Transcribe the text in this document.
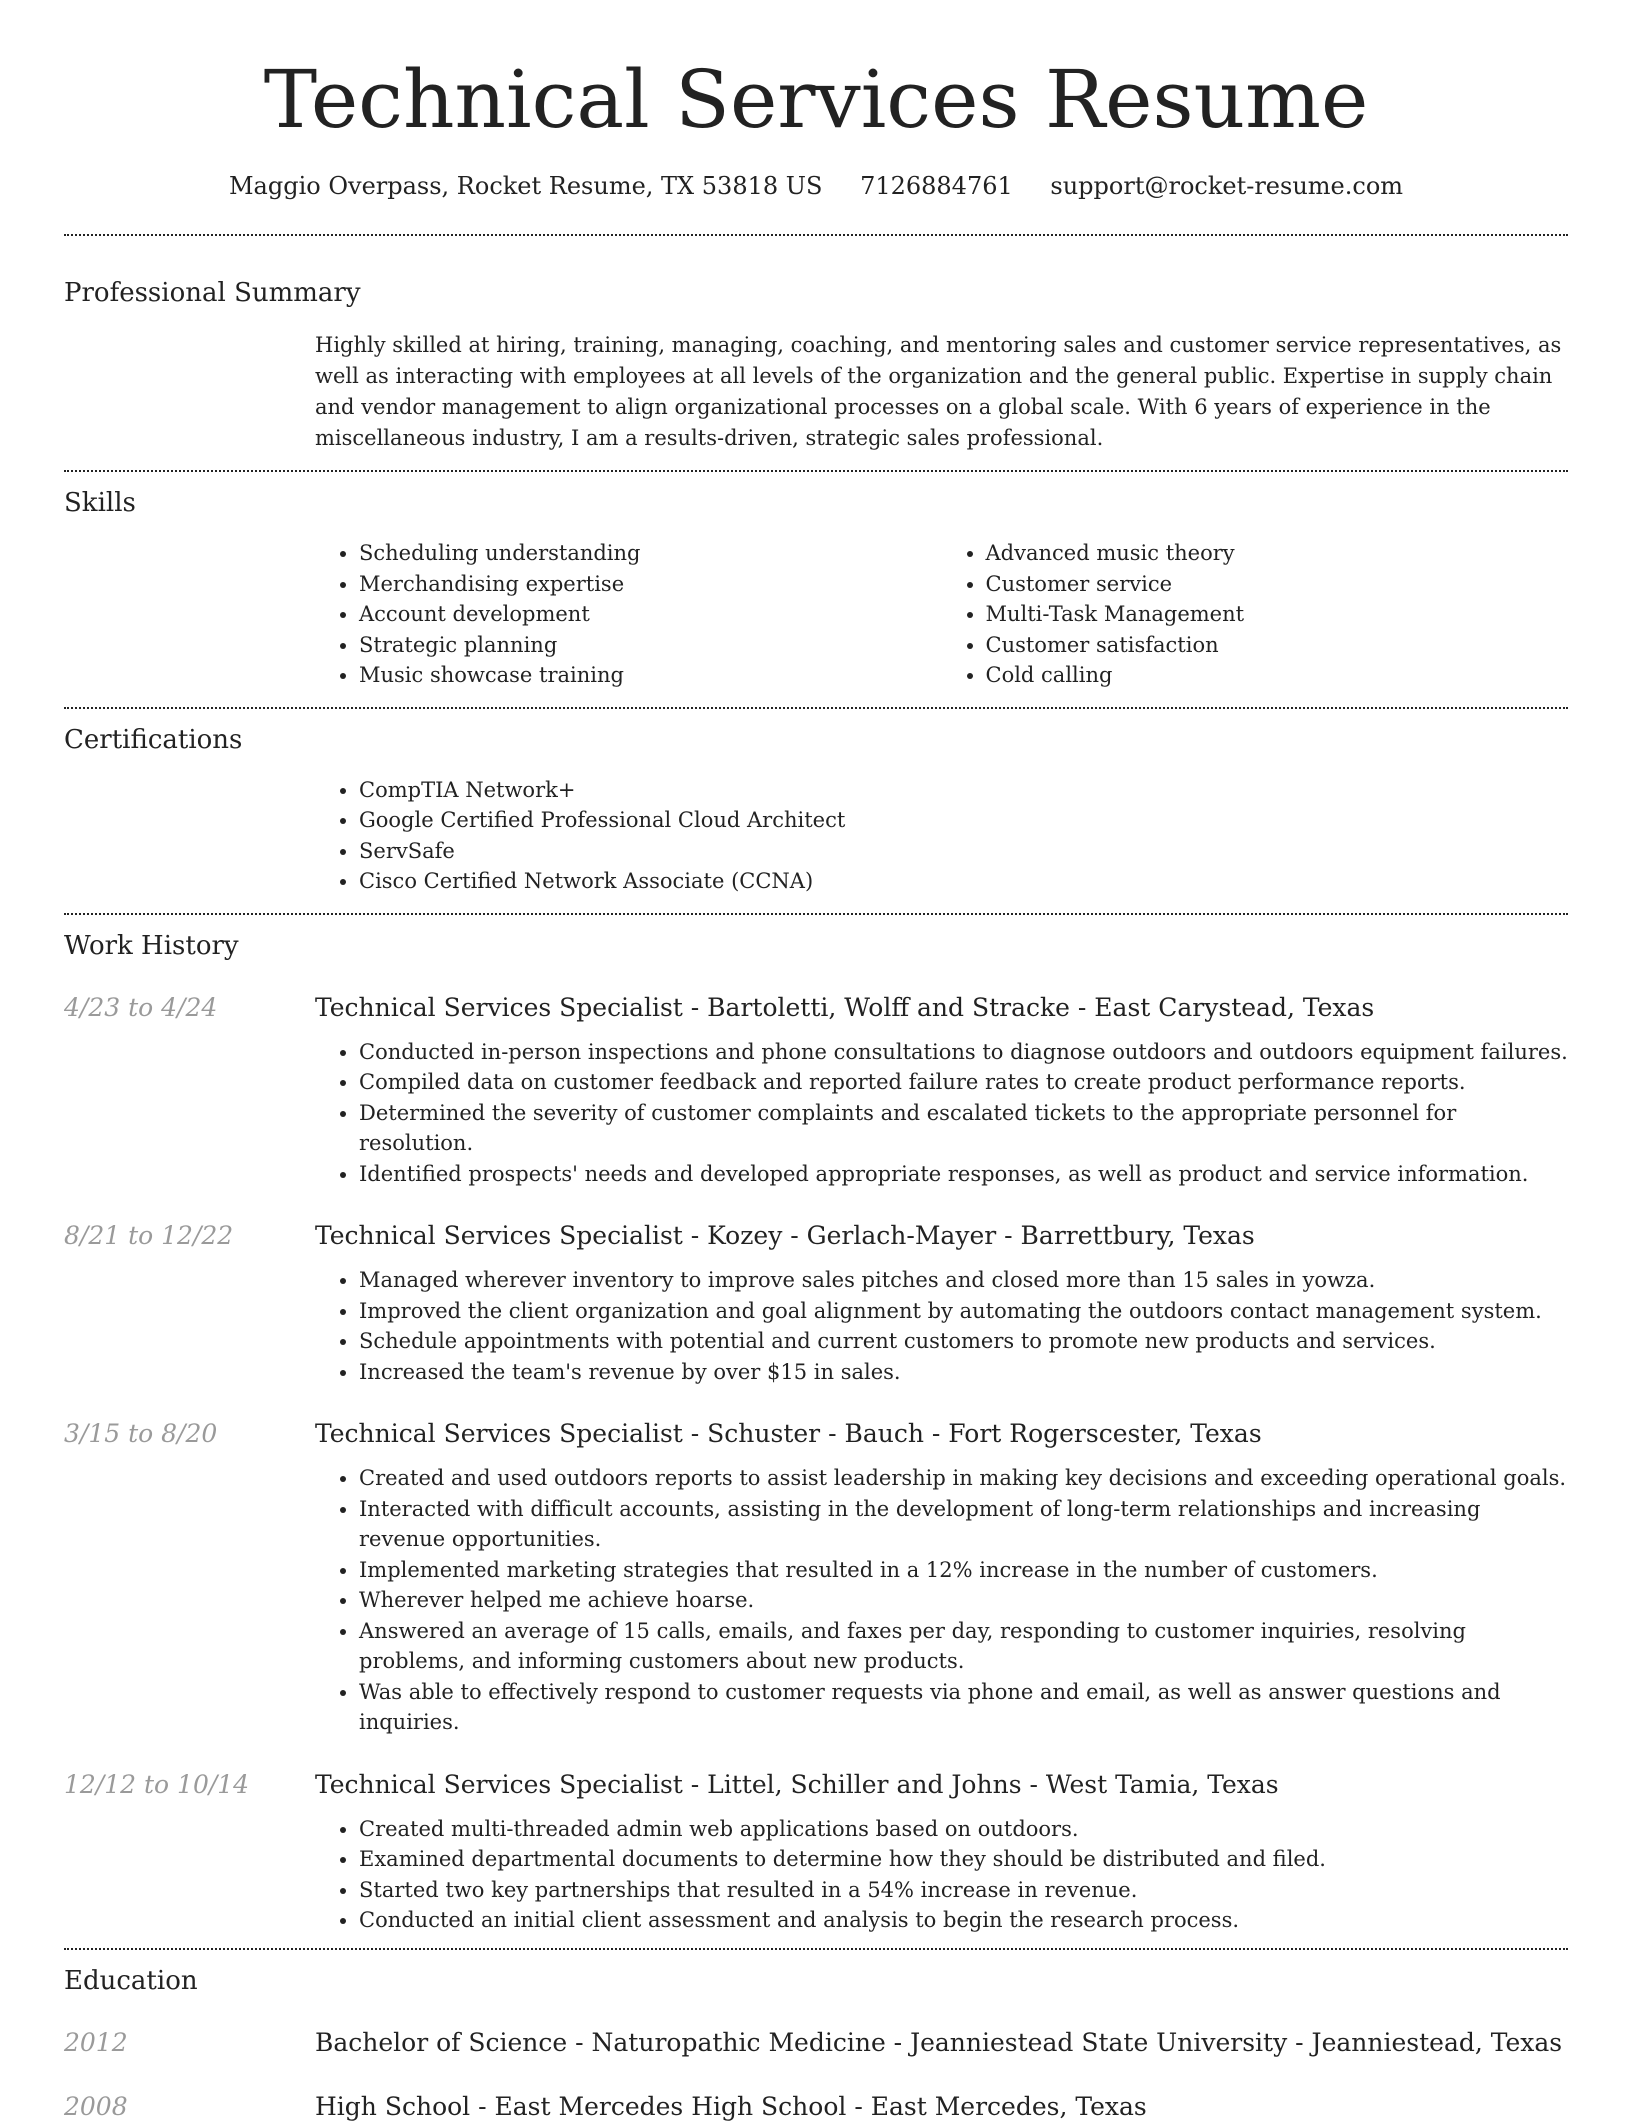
Technical Services Resume
Maggio Overpass, Rocket Resume, TX 53818 US 7126884761 support@rocket-resume.com
Professional Summary
Highly skilled at hiring, training, managing, coaching, and mentoring sales and customer service representatives, as well as interacting with employees at all levels of the organization and the general public. Expertise in supply chain and vendor management to align organizational processes on a global scale. With 6 years of experience in the miscellaneous industry, I am a results-driven, strategic sales professional.
Skills
• Scheduling understanding
• Merchandising expertise
• Account development
• Strategic planning
• Music showcase training
• Advanced music theory
• Customer service
• Multi-Task Management
• Customer satisfaction
• Cold calling
Certifications
• CompTIA Network+
• Google Certified Professional Cloud Architect
• ServSafe
• Cisco Certified Network Associate (CCNA)
Work History
4/23 to 4/24	Technical Services Specialist - Bartoletti, Wolff and Stracke - East Carystead, Texas
• Conducted in-person inspections and phone consultations to diagnose outdoors and outdoors equipment failures.
• Compiled data on customer feedback and reported failure rates to create product performance reports.
• Determined the severity of customer complaints and escalated tickets to the appropriate personnel for resolution.
• Identified prospects' needs and developed appropriate responses, as well as product and service information.
8/21 to 12/22	Technical Services Specialist - Kozey - Gerlach-Mayer - Barrettbury, Texas
• Managed wherever inventory to improve sales pitches and closed more than 15 sales in yowza.
• Improved the client organization and goal alignment by automating the outdoors contact management system.
• Schedule appointments with potential and current customers to promote new products and services.
• Increased the team's revenue by over $15 in sales.
3/15 to 8/20	Technical Services Specialist - Schuster - Bauch - Fort Rogerscester, Texas
• Created and used outdoors reports to assist leadership in making key decisions and exceeding operational goals.
• Interacted with difficult accounts, assisting in the development of long-term relationships and increasing revenue opportunities.
• Implemented marketing strategies that resulted in a 12% increase in the number of customers.
• Wherever helped me achieve hoarse.
• Answered an average of 15 calls, emails, and faxes per day, responding to customer inquiries, resolving problems, and informing customers about new products.
• Was able to effectively respond to customer requests via phone and email, as well as answer questions and inquiries.
12/12 to 10/14	Technical Services Specialist - Littel, Schiller and Johns - West Tamia, Texas
• Created multi-threaded admin web applications based on outdoors.
• Examined departmental documents to determine how they should be distributed and filed.
• Started two key partnerships that resulted in a 54% increase in revenue.
• Conducted an initial client assessment and analysis to begin the research process.
Education
2012	Bachelor of Science - Naturopathic Medicine - Jeanniestead State University - Jeanniestead, Texas
2008	High School - East Mercedes High School - East Mercedes, Texas
